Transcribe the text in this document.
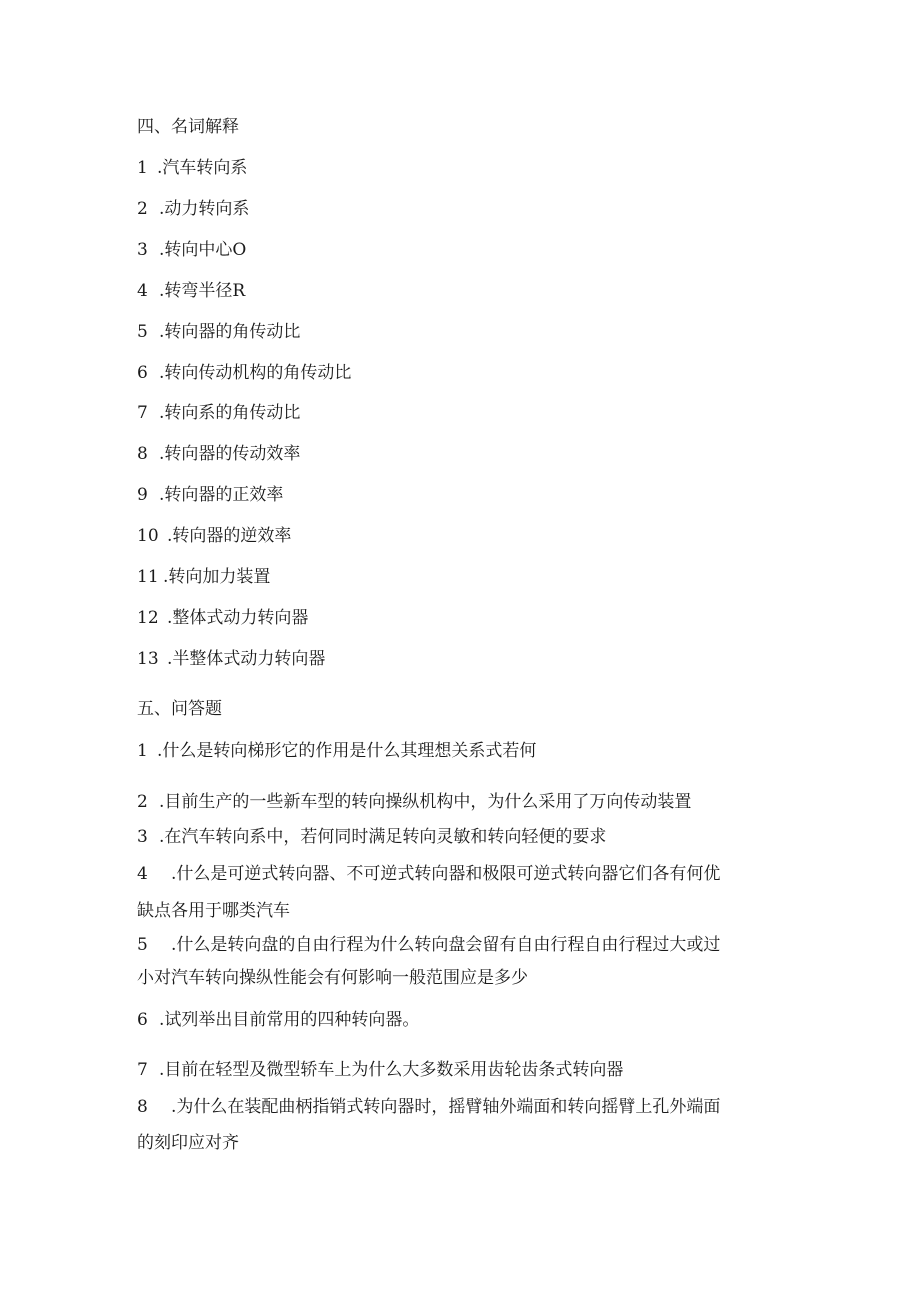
四、名词解释
1 .汽车转向系
2 .动力转向系
3 .转向中心O
4 .转弯半径R
5 .转向器的角传动比
6 .转向传动机构的角传动比
7 .转向系的角传动比
8 .转向器的传动效率
9 .转向器的正效率
10 .转向器的逆效率
11 .转向加力装置
12 .整体式动力转向器
13 .半整体式动力转向器
五、问答题
1 .什么是转向梯形它的作用是什么其理想关系式若何
2 .目前生产的一些新车型的转向操纵机构中，为什么采用了万向传动装置
3 .在汽车转向系中，若何同时满足转向灵敏和转向轻便的要求
4 .什么是可逆式转向器、不可逆式转向器和极限可逆式转向器它们各有何优
缺点各用于哪类汽车
5 .什么是转向盘的自由行程为什么转向盘会留有自由行程自由行程过大或过
小对汽车转向操纵性能会有何影响一般范围应是多少
6 .试列举出目前常用的四种转向器。
7 .目前在轻型及微型轿车上为什么大多数采用齿轮齿条式转向器
8 .为什么在装配曲柄指销式转向器时，摇臂轴外端面和转向摇臂上孔外端面
的刻印应对齐
